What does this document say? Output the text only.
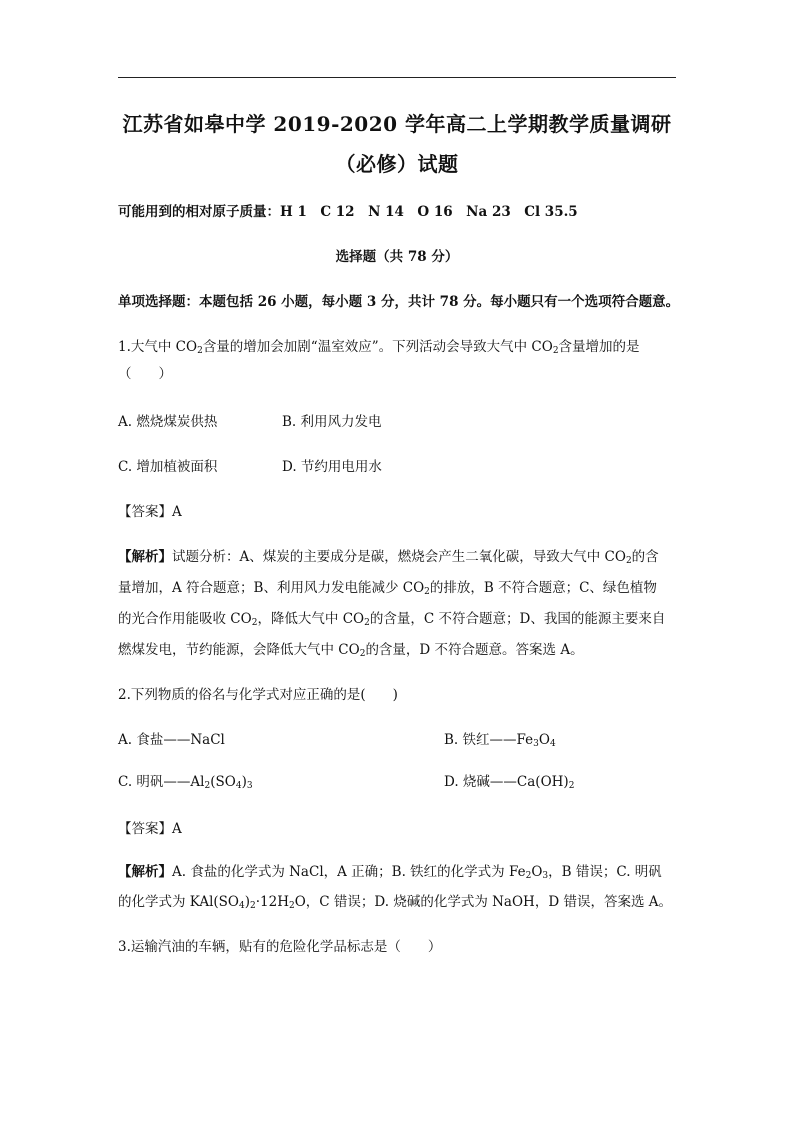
江苏省如皋中学 2019-2020 学年高二上学期教学质量调研
（必修）试题
可能用到的相对原子质量：H 1　C 12　N 14　O 16　Na 23　Cl 35.5
选择题（共 78 分）
单项选择题：本题包括 26 小题，每小题 3 分，共计 78 分。每小题只有一个选项符合题意。
1.大气中 $CO_2$含量的增加会加剧“温室效应”。下列活动会导致大气中 $CO_2$含量增加的是
（　　）
A. 燃烧煤炭供热	B. 利用风力发电
C. 增加植被面积	D. 节约用电用水
【答案】A
【解析】试题分析：A、煤炭的主要成分是碳，燃烧会产生二氧化碳，导致大气中 $CO_2$的含
量增加，A 符合题意；B、利用风力发电能减少 $CO_2$的排放，B 不符合题意；C、绿色植物
的光合作用能吸收 $CO_2$，降低大气中 $CO_2$的含量，C 不符合题意；D、我国的能源主要来自
燃煤发电，节约能源，会降低大气中 $CO_2$的含量，D 不符合题意。答案选 A。
2.下列物质的俗名与化学式对应正确的是(　　)
A. 食盐——NaCl	B. 铁红$——Fe_3O_4$
C. 明矾$——Al_2(SO_4)_3$	D. 烧碱$——Ca(OH)_2$
【答案】A
【解析】A. 食盐的化学式为 NaCl，A 正确；B. 铁红的化学式为 $Fe_2O_3$，B 错误；C. 明矾
的化学式为 $KAl(SO_4)_2\cdot 12H_2O$，C 错误；D. 烧碱的化学式为 NaOH，D 错误，答案选 A。
3.运输汽油的车辆，贴有的危险化学品标志是（　　）
